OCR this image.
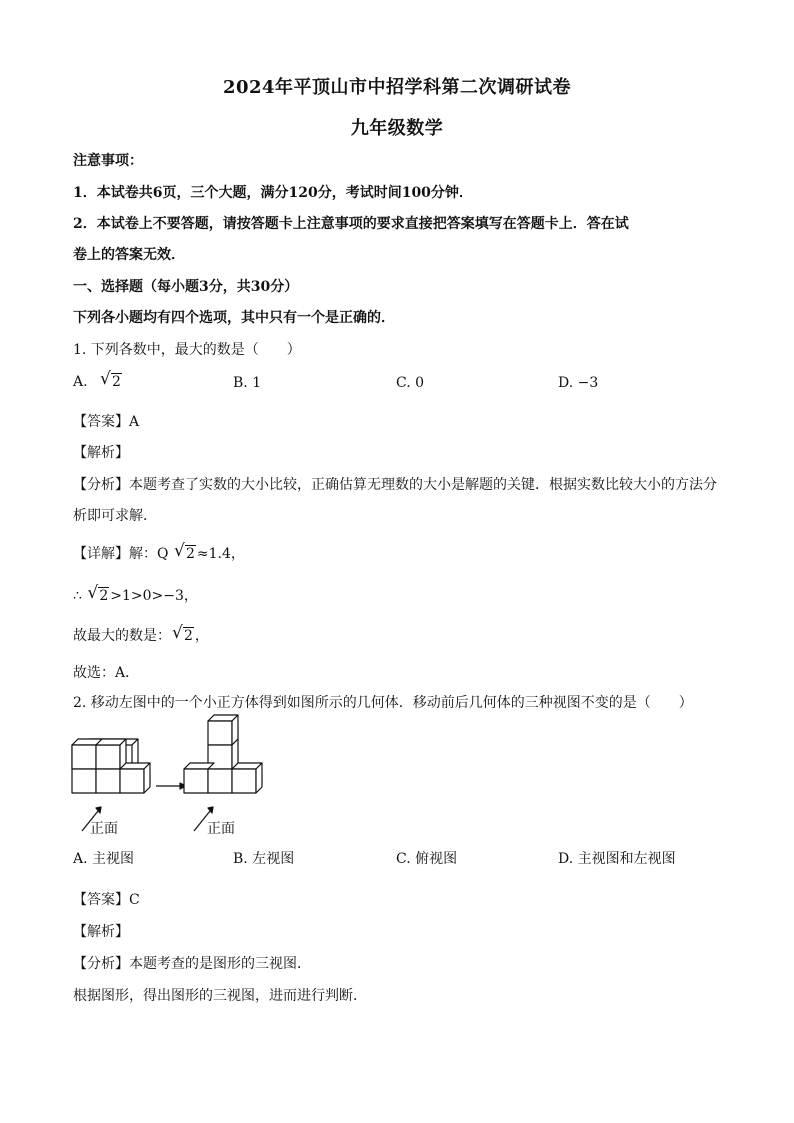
2024年平顶山市中招学科第二次调研试卷
九年级数学
注意事项：
1．本试卷共6页，三个大题，满分120分，考试时间100分钟．
2．本试卷上不要答题，请按答题卡上注意事项的要求直接把答案填写在答题卡上．答在试
卷上的答案无效．
一、选择题（每小题3分，共30分）
下列各小题均有四个选项，其中只有一个是正确的．
1. 下列各数中，最大的数是（　　）
A. √ 2	B. 1	C. 0	D. −3
【答案】A
【解析】
【分析】本题考查了实数的大小比较，正确估算无理数的大小是解题的关键．根据实数比较大小的方法分
析即可求解．
【详解】解：Q √ 2 ≈1.4，
∴ √ 2 >1>0>−3，
故最大的数是： √ 2 ，
故选：A．
2. 移动左图中的一个小正方体得到如图所示的几何体．移动前后几何体的三种视图不变的是（　　）
正面	正面
A. 主视图	B. 左视图	C. 俯视图	D. 主视图和左视图
【答案】C
【解析】
【分析】本题考查的是图形的三视图．
根据图形，得出图形的三视图，进而进行判断．
